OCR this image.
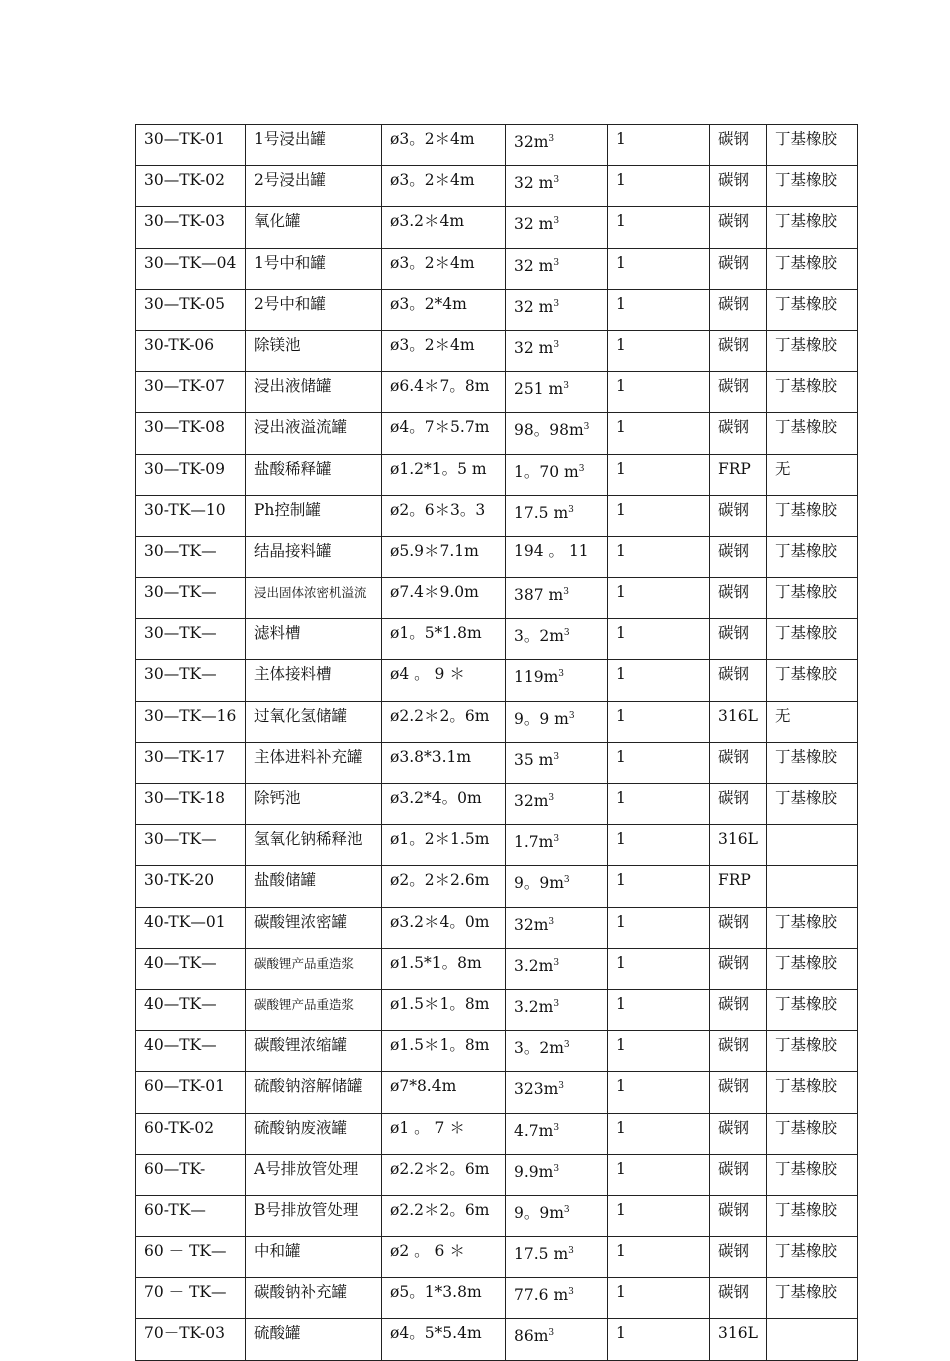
30—TK-01	1号浸出罐	ø3。2＊4m	$32m^3$	1	碳钢	丁基橡胶
30—TK-02	2号浸出罐	ø3。2＊4m	32 $m^3$	1	碳钢	丁基橡胶
30—TK-03	氧化罐	ø3.2＊4m	32 $m^3$	1	碳钢	丁基橡胶
30—TK—04	1号中和罐	ø3。2＊4m	32 $m^3$	1	碳钢	丁基橡胶
30—TK-05	2号中和罐	ø3。2*4m	32 $m^3$	1	碳钢	丁基橡胶
30-TK-06	除镁池	ø3。2＊4m	32 $m^3$	1	碳钢	丁基橡胶
30—TK-07	浸出液储罐	ø6.4＊7。8m	251 $m^3$	1	碳钢	丁基橡胶
30—TK-08	浸出液溢流罐	ø4。7＊5.7m	98。$98m^3$	1	碳钢	丁基橡胶
30—TK-09	盐酸稀释罐	ø1.2*1。5 m	1。70 $m^3$	1	FRP	无
30-TK—10	Ph控制罐	ø2。6＊3。3	17.5 $m^3$	1	碳钢	丁基橡胶
30—TK—	结晶接料罐	ø5.9＊7.1m	194 。 11	1	碳钢	丁基橡胶
30—TK—	浸出固体浓密机溢流	ø7.4＊9.0m	387 $m^3$	1	碳钢	丁基橡胶
30—TK—	滤料槽	ø1。5*1.8m	3。$2m^3$	1	碳钢	丁基橡胶
30—TK—	主体接料槽	ø4 。 9 ＊	$119m^3$	1	碳钢	丁基橡胶
30—TK—16	过氧化氢储罐	ø2.2＊2。6m	9。9 $m^3$	1	316L	无
30—TK-17	主体进料补充罐	ø3.8*3.1m	35 $m^3$	1	碳钢	丁基橡胶
30—TK-18	除钙池	ø3.2*4。0m	$32m^3$	1	碳钢	丁基橡胶
30—TK—	氢氧化钠稀释池	ø1。2＊1.5m	$1.7m^3$	1	316L	
30-TK-20	盐酸储罐	ø2。2＊2.6m	9。$9m^3$	1	FRP	
40-TK—01	碳酸锂浓密罐	ø3.2＊4。0m	$32m^3$	1	碳钢	丁基橡胶
40—TK—	碳酸锂产品重造浆	ø1.5*1。8m	$3.2m^3$	1	碳钢	丁基橡胶
40—TK—	碳酸锂产品重造浆	ø1.5＊1。8m	$3.2m^3$	1	碳钢	丁基橡胶
40—TK—	碳酸锂浓缩罐	ø1.5＊1。8m	3。$2m^3$	1	碳钢	丁基橡胶
60—TK-01	硫酸钠溶解储罐	ø7*8.4m	$323m^3$	1	碳钢	丁基橡胶
60-TK-02	硫酸钠废液罐	ø1 。 7 ＊	$4.7m^3$	1	碳钢	丁基橡胶
60—TK-	A号排放管处理	ø2.2＊2。6m	$9.9m^3$	1	碳钢	丁基橡胶
60-TK—	B号排放管处理	ø2.2＊2。6m	9。$9m^3$	1	碳钢	丁基橡胶
60 － TK—	中和罐	ø2 。 6 ＊	17.5 $m^3$	1	碳钢	丁基橡胶
70 － TK—	碳酸钠补充罐	ø5。1*3.8m	77.6 $m^3$	1	碳钢	丁基橡胶
70－TK-03	硫酸罐	ø4。5*5.4m	$86m^3$	1	316L	
